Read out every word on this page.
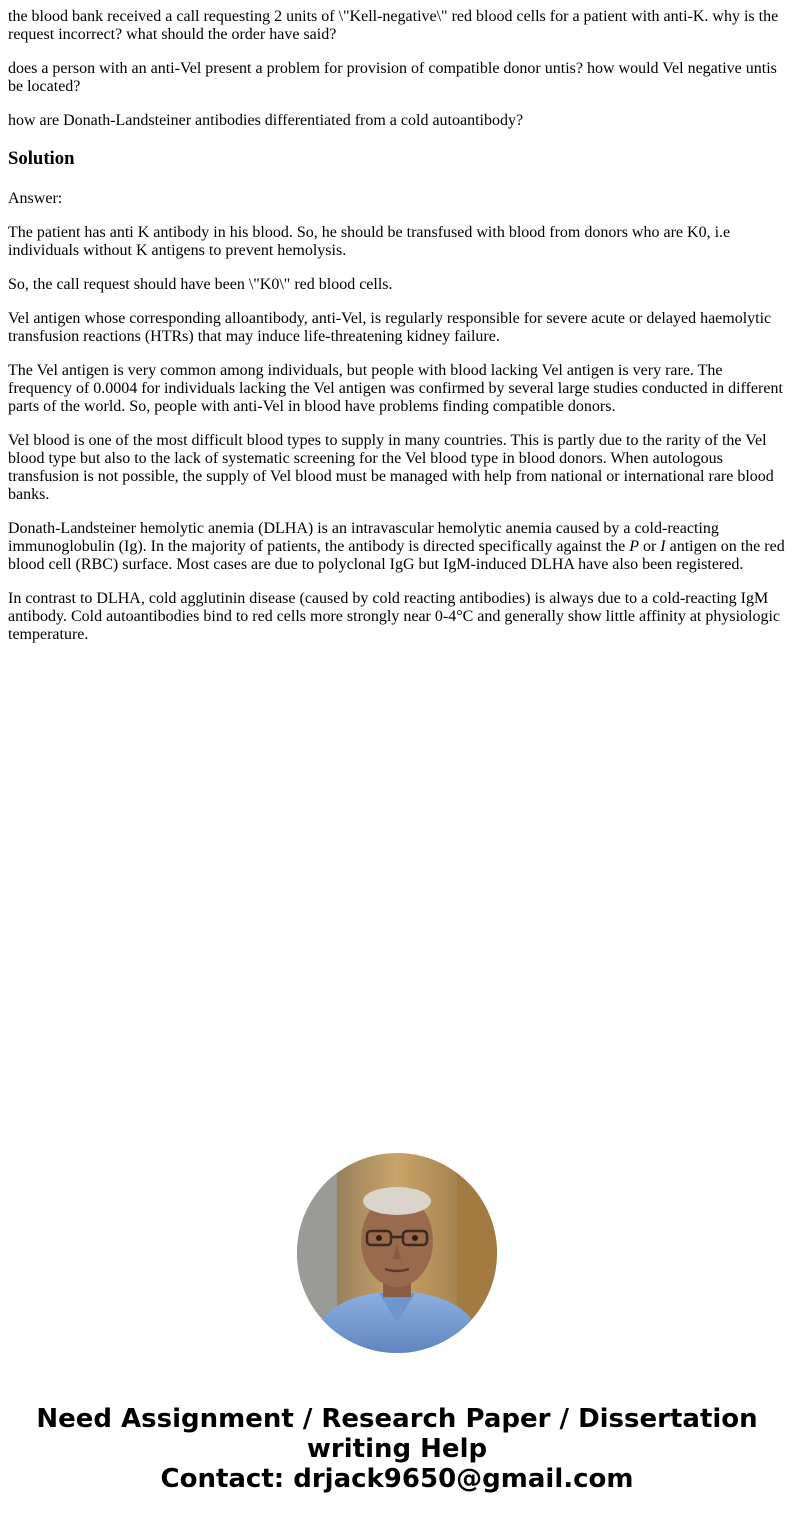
the blood bank received a call requesting 2 units of \"Kell-negative\" red blood cells for a patient with anti-K. why is the request incorrect? what should the order have said?

does a person with an anti-Vel present a problem for provision of compatible donor untis? how would Vel negative untis be located?

how are Donath-Landsteiner antibodies differentiated from a cold autoantibody?

Solution

Answer:

The patient has anti K antibody in his blood. So, he should be transfused with blood from donors who are K0, i.e individuals without K antigens to prevent hemolysis.

So, the call request should have been \"K0\" red blood cells.

Vel antigen whose corresponding alloantibody, anti-Vel, is regularly responsible for severe acute or delayed haemolytic transfusion reactions (HTRs) that may induce life-threatening kidney failure.

The Vel antigen is very common among individuals, but people with blood lacking Vel antigen is very rare. The frequency of 0.0004 for individuals lacking the Vel antigen was confirmed by several large studies conducted in different parts of the world. So, people with anti-Vel in blood have problems finding compatible donors.

Vel blood is one of the most difficult blood types to supply in many countries. This is partly due to the rarity of the Vel blood type but also to the lack of systematic screening for the Vel blood type in blood donors. When autologous transfusion is not possible, the supply of Vel blood must be managed with help from national or international rare blood banks.

Donath-Landsteiner hemolytic anemia (DLHA) is an intravascular hemolytic anemia caused by a cold-reacting immunoglobulin (Ig). In the majority of patients, the antibody is directed specifically against the P or I antigen on the red blood cell (RBC) surface. Most cases are due to polyclonal IgG but IgM-induced DLHA have also been registered.

In contrast to DLHA, cold agglutinin disease (caused by cold reacting antibodies) is always due to a cold-reacting IgM antibody. Cold autoantibodies bind to red cells more strongly near 0-4°C and generally show little affinity at physiologic temperature.

Need Assignment / Research Paper / Dissertation
writing Help
Contact: drjack9650@gmail.com
